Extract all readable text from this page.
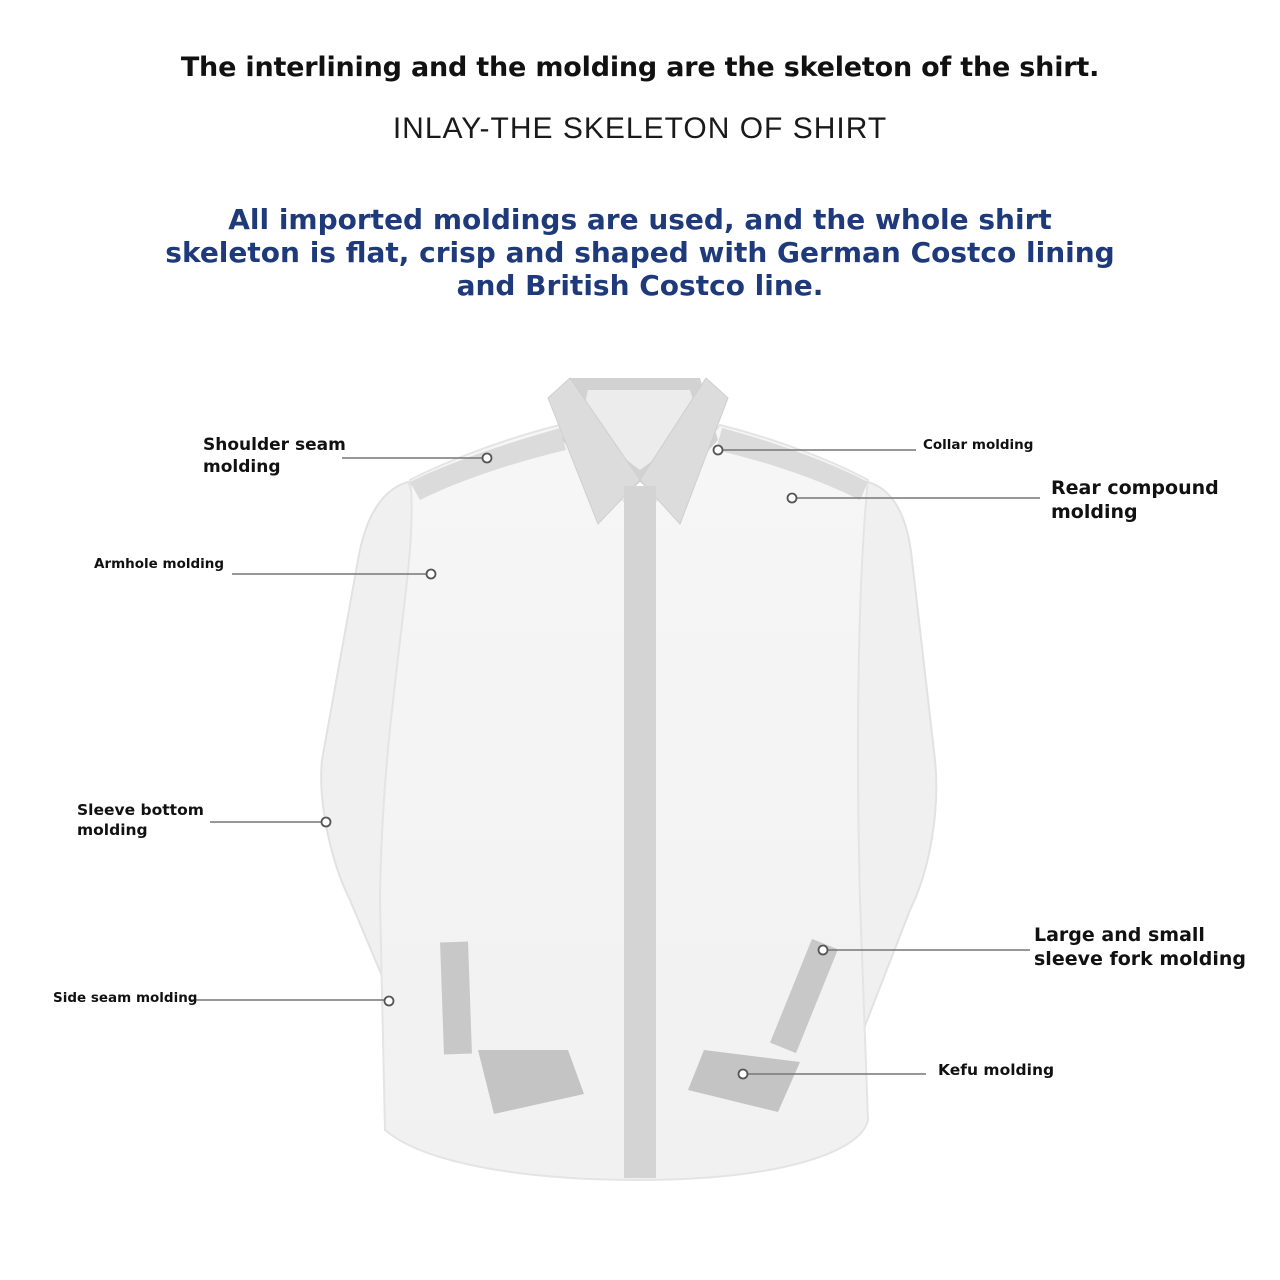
The interlining and the molding are the skeleton of the shirt.
INLAY-THE SKELETON OF SHIRT

All imported moldings are used, and the whole shirt skeleton is flat, crisp and shaped with German Costco lining and British Costco line.

Shoulder seam
molding

Collar molding

Rear compound
molding

Armhole molding

Sleeve bottom
molding

Large and small
sleeve fork molding

Side seam molding

Kefu molding
